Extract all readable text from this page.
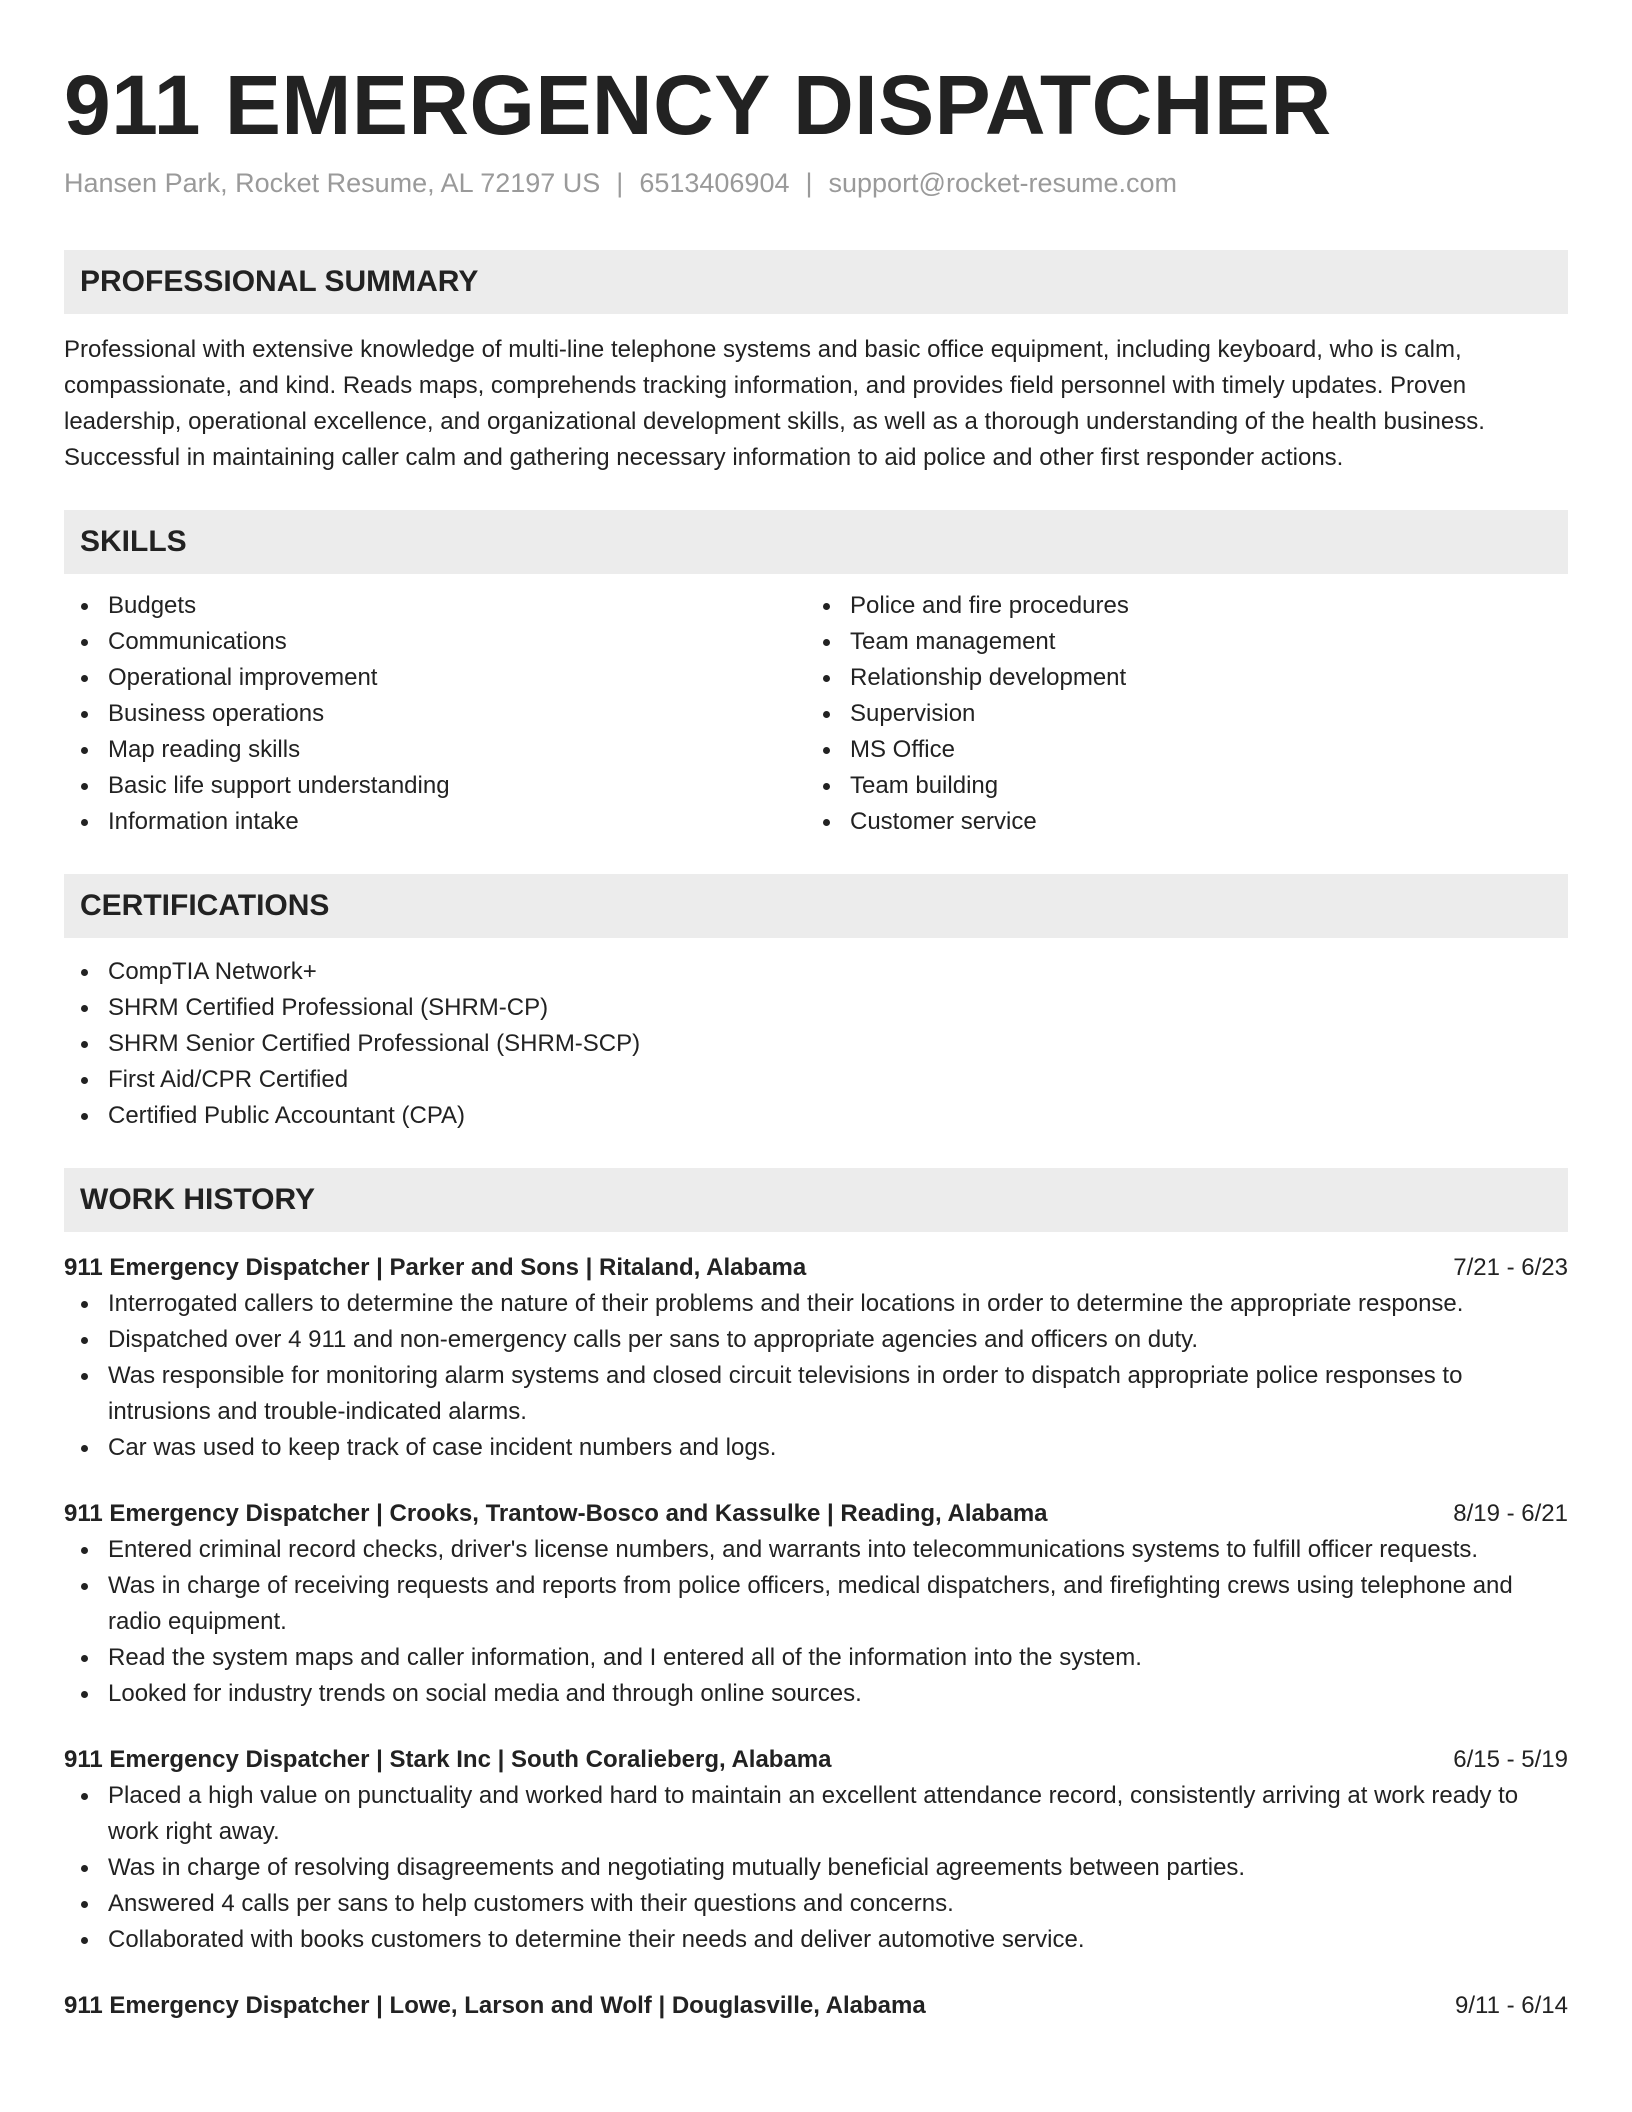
911 EMERGENCY DISPATCHER
Hansen Park, Rocket Resume, AL 72197 US | 6513406904 | support@rocket-resume.com
PROFESSIONAL SUMMARY

Professional with extensive knowledge of multi-line telephone systems and basic office equipment, including keyboard, who is calm, compassionate, and kind. Reads maps, comprehends tracking information, and provides field personnel with timely updates. Proven leadership, operational excellence, and organizational development skills, as well as a thorough understanding of the health business. Successful in maintaining caller calm and gathering necessary information to aid police and other first responder actions.

SKILLS
Budgets
Communications
Operational improvement
Business operations
Map reading skills
Basic life support understanding
Information intake
Police and fire procedures
Team management
Relationship development
Supervision
MS Office
Team building
Customer service
CERTIFICATIONS
CompTIA Network+
SHRM Certified Professional (SHRM-CP)
SHRM Senior Certified Professional (SHRM-SCP)
First Aid/CPR Certified
Certified Public Accountant (CPA)
WORK HISTORY
911 Emergency Dispatcher | Parker and Sons | Ritaland, Alabama	7/21 - 6/23
Interrogated callers to determine the nature of their problems and their locations in order to determine the appropriate response.
Dispatched over 4 911 and non-emergency calls per sans to appropriate agencies and officers on duty.
Was responsible for monitoring alarm systems and closed circuit televisions in order to dispatch appropriate police responses to intrusions and trouble-indicated alarms.
Car was used to keep track of case incident numbers and logs.
911 Emergency Dispatcher | Crooks, Trantow-Bosco and Kassulke | Reading, Alabama	8/19 - 6/21
Entered criminal record checks, driver's license numbers, and warrants into telecommunications systems to fulfill officer requests.
Was in charge of receiving requests and reports from police officers, medical dispatchers, and firefighting crews using telephone and radio equipment.
Read the system maps and caller information, and I entered all of the information into the system.
Looked for industry trends on social media and through online sources.
911 Emergency Dispatcher | Stark Inc | South Coralieberg, Alabama	6/15 - 5/19
Placed a high value on punctuality and worked hard to maintain an excellent attendance record, consistently arriving at work ready to work right away.
Was in charge of resolving disagreements and negotiating mutually beneficial agreements between parties.
Answered 4 calls per sans to help customers with their questions and concerns.
Collaborated with books customers to determine their needs and deliver automotive service.
911 Emergency Dispatcher | Lowe, Larson and Wolf | Douglasville, Alabama	9/11 - 6/14
